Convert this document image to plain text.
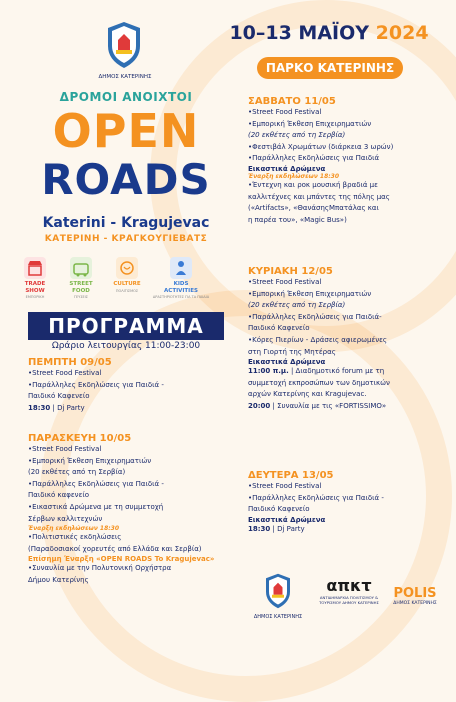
ΔΗΜΟΣ ΚΑΤΕΡΙΝΗΣ
ΔΡΟΜΟΙ ΑΝΟΙΧΤΟΙ
OPEN
ROADS
Katerini - Kragujevac
ΚΑΤΕΡΙΝΗ - ΚΡΑΓΚΟΥΓΙΕΒΑΤΣ
TRADE
SHOW
ΕΜΠΟΡΙΚΗ
STREET
FOOD
ΓΕΥΣΕΙΣ
CULTURE

ΠΟΛΙΤΙΣΜΟΣ
KIDS
ACTIVITIES
ΔΡΑΣΤΗΡΙΟΤΗΤΕΣ ΓΙΑ ΤΑ ΠΑΙΔΙΑ
ΠΡΟΓΡΑΜΜΑ
Ωράριο λειτουργίας 11:00-23:00
ΠΕΜΠΤΗ 09/05
•Street Food Festival
•Παράλληλες Εκδηλώσεις για Παιδιά -
Παιδικό Καφενείο
18:30 | Dj Party
ΠΑΡΑΣΚΕΥΗ 10/05
•Street Food Festival
•Εμπορική Έκθεση Επιχειρηματιών
(20 εκθέτες από τη Σερβία)
•Παράλληλες Εκδηλώσεις για Παιδιά -
Παιδικό καφενείο
•Εικαστικά Δρώμενα με τη συμμετοχή
Σέρβων καλλιτεχνών
Έναρξη εκδηλώσεων 18:30
•Πολιτιστικές εκδηλώσεις
(Παραδοσιακοί χορευτές από Ελλάδα και Σερβία)
Επίσημη Έναρξη «OPEN ROADS To Kragujevac»
•Συναυλία με την Πολυτονική Ορχήστρα
Δήμου Κατερίνης
10–13 ΜΑΪΟΥ 2024
ΠΑΡΚΟ ΚΑΤΕΡΙΝΗΣ
ΣΑΒΒΑΤΟ 11/05
•Street Food Festival
•Εμπορική Έκθεση Επιχειρηματιών
(20 εκθέτες από τη Σερβία)
•Φεστιβάλ Χρωμάτων (διάρκεια 3 ωρών)
•Παράλληλες Εκδηλώσεις για Παιδιά
Εικαστικά Δρώμενα
Έναρξη εκδηλώσεων 18:30
•Έντεχνη και ροκ μουσική βραδιά με
καλλιτέχνες και μπάντες της πόλης μας
(«Artifacts», «ΘανάσηςΜπατάλας και
η παρέα του», «Magic Bus»)
ΚΥΡΙΑΚΗ 12/05
•Street Food Festival
•Εμπορική Έκθεση Επιχειρηματιών
(20 εκθέτες από τη Σερβία)
•Παράλληλες Εκδηλώσεις για Παιδιά-
Παιδικό Καφενείο
•Κόρες Πιερίων - Δράσεις αφιερωμένες
στη Γιορτή της Μητέρας
Εικαστικά Δρώμενα
11:00 π.μ. | Διαδημοτικό forum με τη
συμμετοχή εκπροσώπων των δημοτικών
αρχών Κατερίνης και Kragujevac.
20:00 | Συναυλία με τις «FORTISSIMO»
ΔΕΥΤΕΡΑ 13/05
•Street Food Festival
•Παράλληλες Εκδηλώσεις για Παιδιά -
Παιδικό Καφενείο
Εικαστικά Δρώμενα
18:30 | Dj Party
ΔΗΜΟΣ ΚΑΤΕΡΙΝΗΣ
απκτ
ΑΝΤΙΔΗΜΑΡΧΙΑ ΠΟΛΙΤΙΣΜΟΥ & ΤΟΥΡΙΣΜΟΥ ΔΗΜΟΥ ΚΑΤΕΡΙΝΗΣ
POLIS
ΔΗΜΟΣ ΚΑΤΕΡΙΝΗΣ
